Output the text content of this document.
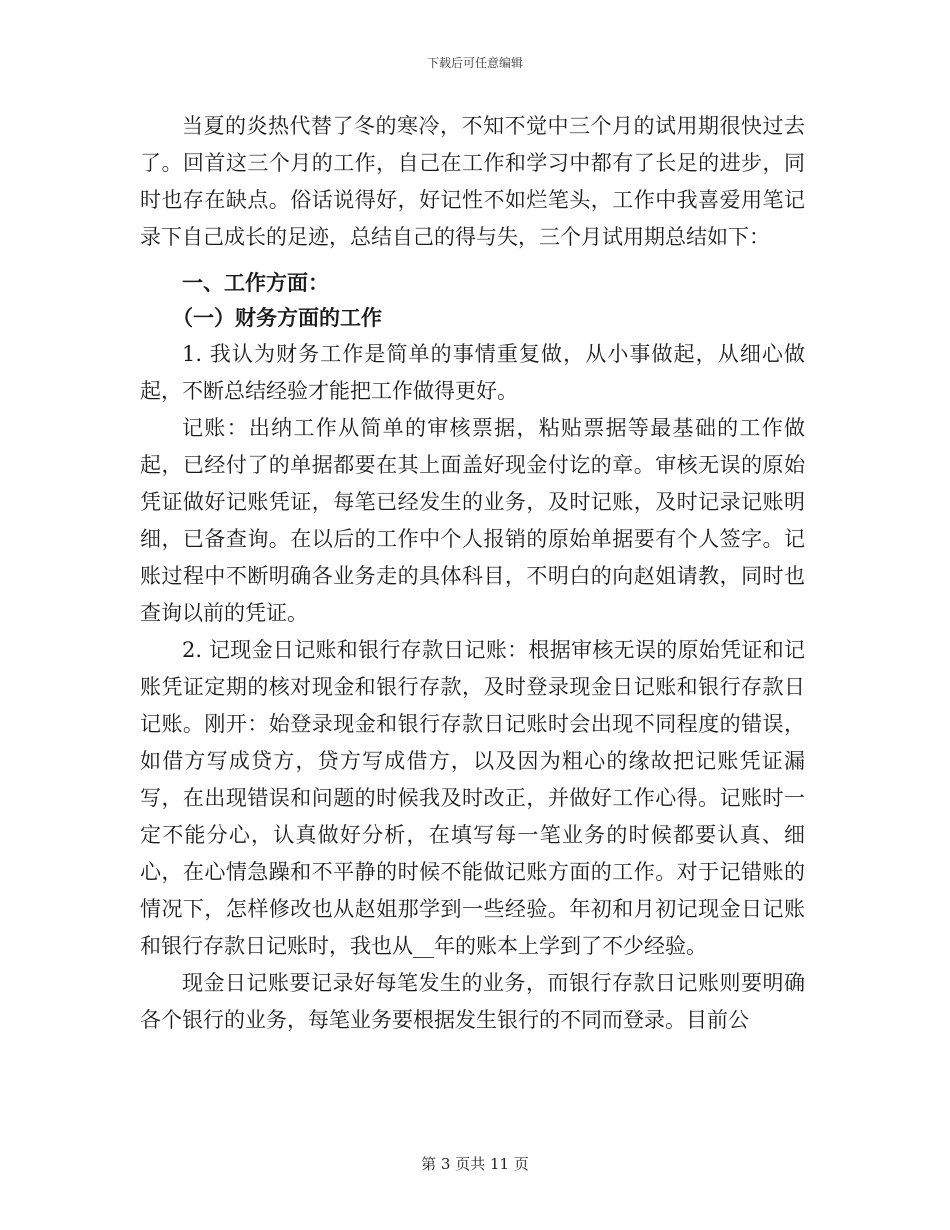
下载后可任意编辑

当夏的炎热代替了冬的寒冷，不知不觉中三个月的试用期很快过去了。回首这三个月的工作，自己在工作和学习中都有了长足的进步，同时也存在缺点。俗话说得好，好记性不如烂笔头，工作中我喜爱用笔记录下自己成长的足迹，总结自己的得与失，三个月试用期总结如下：

一、工作方面：

（一）财务方面的工作

1. 我认为财务工作是简单的事情重复做，从小事做起，从细心做起，不断总结经验才能把工作做得更好。

记账：出纳工作从简单的审核票据，粘贴票据等最基础的工作做起，已经付了的单据都要在其上面盖好现金付讫的章。审核无误的原始凭证做好记账凭证，每笔已经发生的业务，及时记账，及时记录记账明细，已备查询。在以后的工作中个人报销的原始单据要有个人签字。记账过程中不断明确各业务走的具体科目，不明白的向赵姐请教，同时也查询以前的凭证。

2. 记现金日记账和银行存款日记账：根据审核无误的原始凭证和记账凭证定期的核对现金和银行存款，及时登录现金日记账和银行存款日记账。刚开：始登录现金和银行存款日记账时会出现不同程度的错误，如借方写成贷方，贷方写成借方，以及因为粗心的缘故把记账凭证漏写，在出现错误和问题的时候我及时改正，并做好工作心得。记账时一定不能分心，认真做好分析，在填写每一笔业务的时候都要认真、细心，在心情急躁和不平静的时候不能做记账方面的工作。对于记错账的情况下，怎样修改也从赵姐那学到一些经验。年初和月初记现金日记账和银行存款日记账时，我也从__年的账本上学到了不少经验。

现金日记账要记录好每笔发生的业务，而银行存款日记账则要明确各个银行的业务，每笔业务要根据发生银行的不同而登录。目前公

第 3 页共 11 页
